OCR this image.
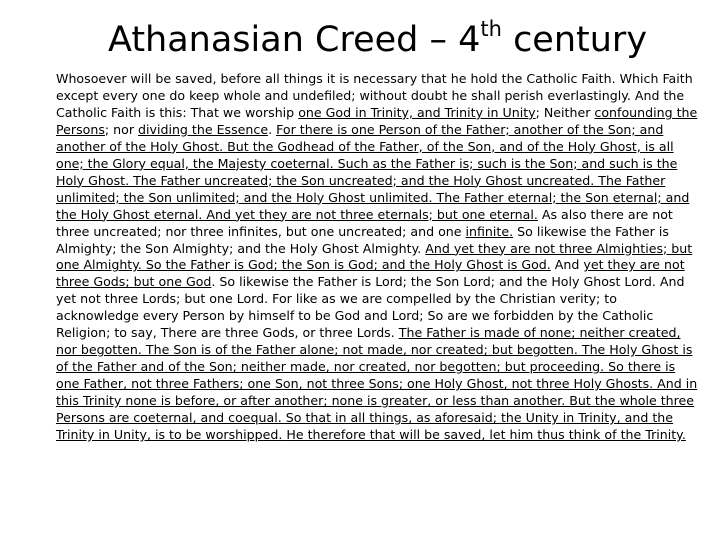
Athanasian Creed – 4th century

Whosoever will be saved, before all things it is necessary that he hold the Catholic Faith. Which Faith except every one do keep whole and undefiled; without doubt he shall perish everlastingly. And the Catholic Faith is this: That we worship one God in Trinity, and Trinity in Unity; Neither confounding the Persons; nor dividing the Essence. For there is one Person of the Father; another of the Son; and another of the Holy Ghost. But the Godhead of the Father, of the Son, and of the Holy Ghost, is all one; the Glory equal, the Majesty coeternal. Such as the Father is; such is the Son; and such is the Holy Ghost. The Father uncreated; the Son uncreated; and the Holy Ghost uncreated. The Father unlimited; the Son unlimited; and the Holy Ghost unlimited. The Father eternal; the Son eternal; and the Holy Ghost eternal. And yet they are not three eternals; but one eternal. As also there are not three uncreated; nor three infinites, but one uncreated; and one infinite. So likewise the Father is Almighty; the Son Almighty; and the Holy Ghost Almighty. And yet they are not three Almighties; but one Almighty. So the Father is God; the Son is God; and the Holy Ghost is God. And yet they are not three Gods; but one God. So likewise the Father is Lord; the Son Lord; and the Holy Ghost Lord. And yet not three Lords; but one Lord. For like as we are compelled by the Christian verity; to acknowledge every Person by himself to be God and Lord; So are we forbidden by the Catholic Religion; to say, There are three Gods, or three Lords. The Father is made of none; neither created, nor begotten. The Son is of the Father alone; not made, nor created; but begotten. The Holy Ghost is of the Father and of the Son; neither made, nor created, nor begotten; but proceeding. So there is one Father, not three Fathers; one Son, not three Sons; one Holy Ghost, not three Holy Ghosts. And in this Trinity none is before, or after another; none is greater, or less than another. But the whole three Persons are coeternal, and coequal. So that in all things, as aforesaid; the Unity in Trinity, and the Trinity in Unity, is to be worshipped. He therefore that will be saved, let him thus think of the Trinity.
